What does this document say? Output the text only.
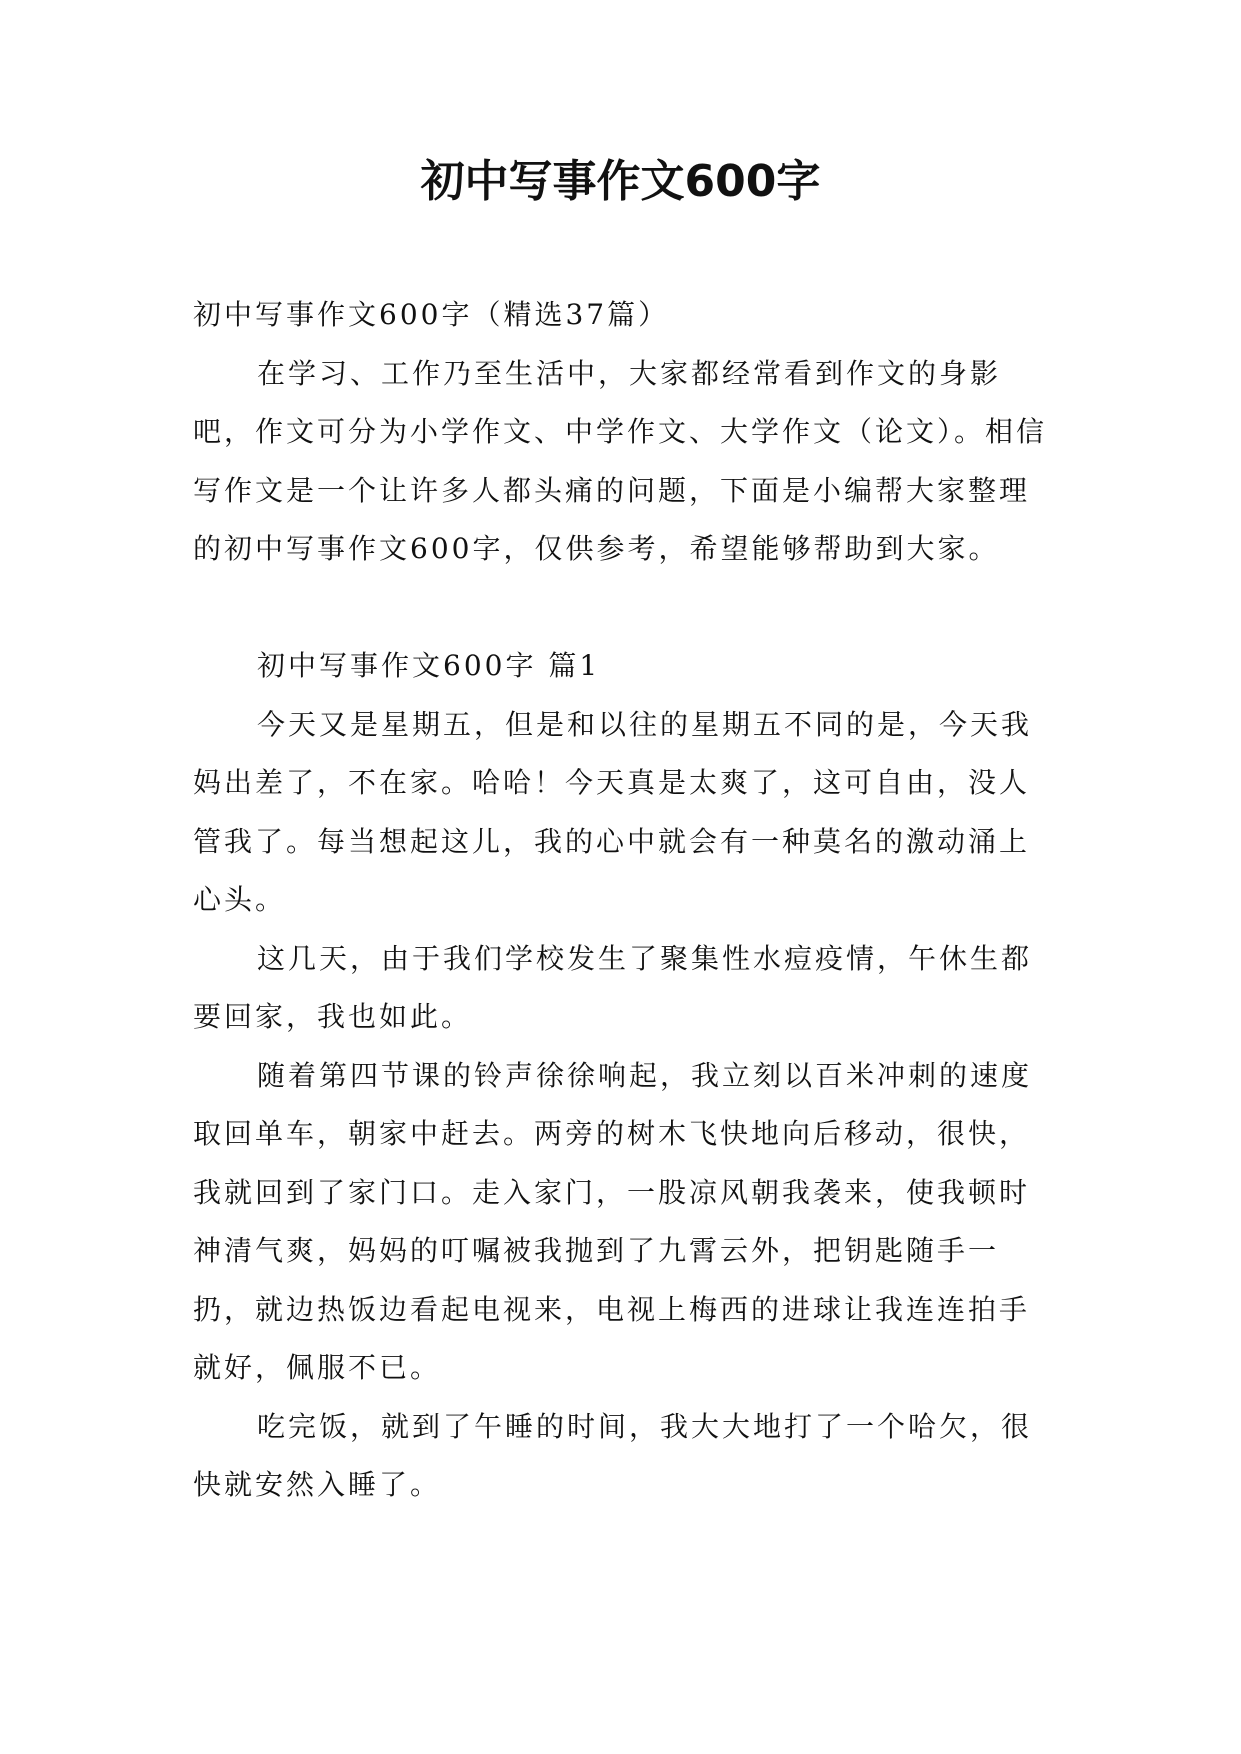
初中写事作文600字

初中写事作文600字（精选37篇）

在学习、工作乃至生活中，大家都经常看到作文的身影吧，作文可分为小学作文、中学作文、大学作文（论文）。相信写作文是一个让许多人都头痛的问题，下面是小编帮大家整理的初中写事作文600字，仅供参考，希望能够帮助到大家。

初中写事作文600字 篇1

今天又是星期五，但是和以往的星期五不同的是，今天我妈出差了，不在家。哈哈！今天真是太爽了，这可自由，没人管我了。每当想起这儿，我的心中就会有一种莫名的激动涌上心头。

这几天，由于我们学校发生了聚集性水痘疫情，午休生都要回家，我也如此。

随着第四节课的铃声徐徐响起，我立刻以百米冲刺的速度取回单车，朝家中赶去。两旁的树木飞快地向后移动，很快，我就回到了家门口。走入家门，一股凉风朝我袭来，使我顿时神清气爽，妈妈的叮嘱被我抛到了九霄云外，把钥匙随手一扔，就边热饭边看起电视来，电视上梅西的进球让我连连拍手就好，佩服不已。

吃完饭，就到了午睡的时间，我大大地打了一个哈欠，很快就安然入睡了。
